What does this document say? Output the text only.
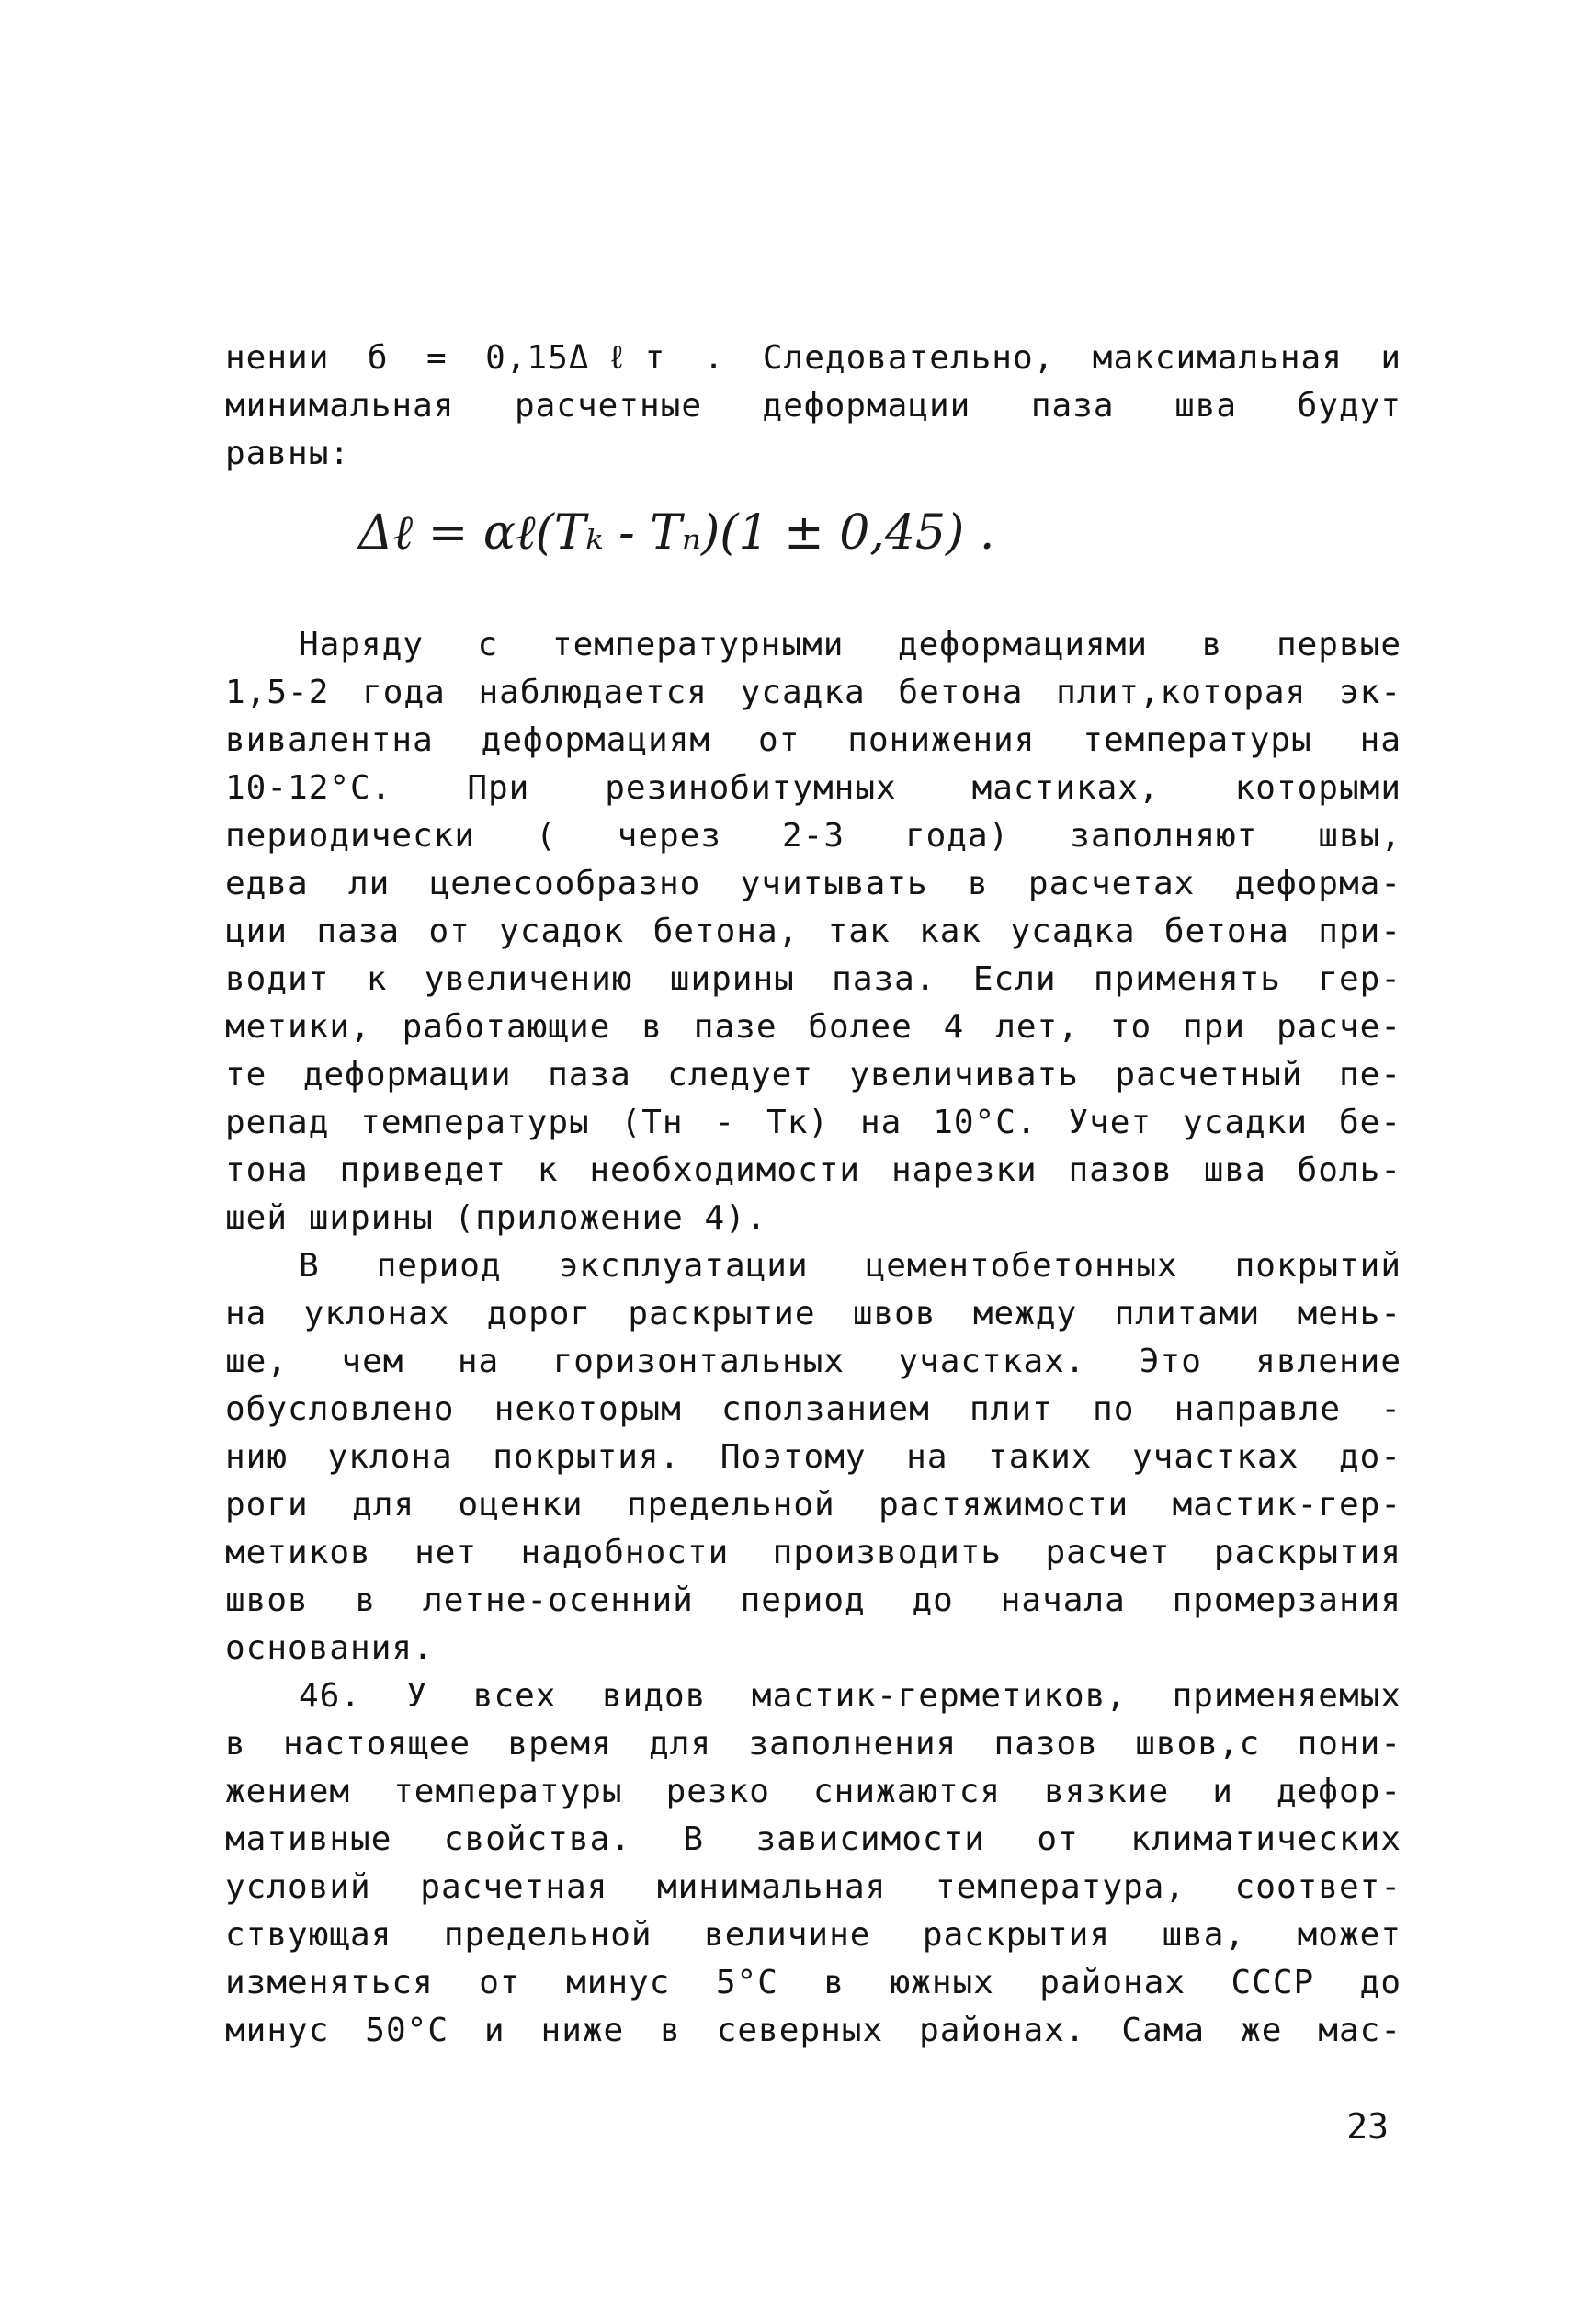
нении б = 0,15Δℓт . Следовательно, максимальная и
минимальная расчетные деформации паза шва будут
равны:
Δℓ = αℓ(Tₖ - Tₙ)(1 ± 0,45) .
Наряду с температурными деформациями в первые
1,5-2 года наблюдается усадка бетона плит,которая эк-
вивалентна деформациям от понижения температуры на
10-12°С. При резинобитумных мастиках, которыми
периодически ( через 2-3 года) заполняют швы,
едва ли целесообразно учитывать в расчетах деформа-
ции паза от усадок бетона, так как усадка бетона при-
водит к увеличению ширины паза. Если применять гер-
метики, работающие в пазе более 4 лет, то при расче-
те деформации паза следует увеличивать расчетный пе-
репад температуры (Tн - Tк) на 10°С. Учет усадки бе-
тона приведет к необходимости нарезки пазов шва боль-
шей ширины (приложение 4).
В период эксплуатации цементобетонных покрытий
на уклонах дорог раскрытие швов между плитами мень-
ше, чем на горизонтальных участках. Это явление
обусловлено некоторым сползанием плит по направле -
нию уклона покрытия. Поэтому на таких участках до-
роги для оценки предельной растяжимости мастик-гер-
метиков нет надобности производить расчет раскрытия
швов в летне-осенний период до начала промерзания
основания.
46. У всех видов мастик-герметиков, применяемых
в настоящее время для заполнения пазов швов,с пони-
жением температуры резко снижаются вязкие и дефор-
мативные свойства. В зависимости от климатических
условий расчетная минимальная температура, соответ-
ствующая предельной величине раскрытия шва, может
изменяться от минус 5°С в южных районах СССР до
минус 50°С и ниже в северных районах. Сама же мас-
23
